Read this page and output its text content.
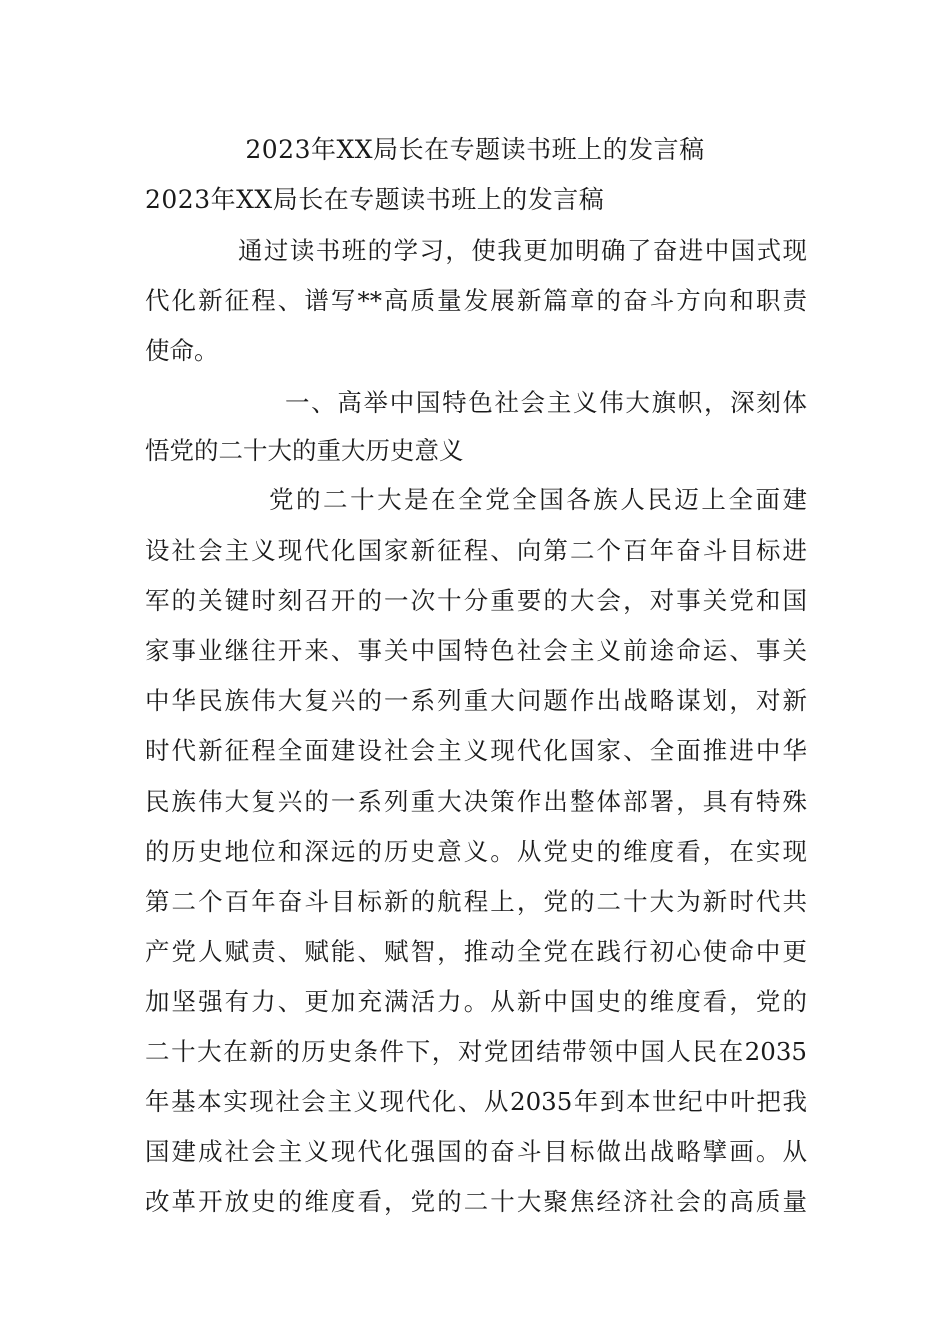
2023年XX局长在专题读书班上的发言稿
2023年XX局长在专题读书班上的发言稿
通过读书班的学习，使我更加明确了奋进中国式现
代化新征程、谱写**高质量发展新篇章的奋斗方向和职责
使命。
一、高举中国特色社会主义伟大旗帜，深刻体
悟党的二十大的重大历史意义
党的二十大是在全党全国各族人民迈上全面建
设社会主义现代化国家新征程、向第二个百年奋斗目标进
军的关键时刻召开的一次十分重要的大会，对事关党和国
家事业继往开来、事关中国特色社会主义前途命运、事关
中华民族伟大复兴的一系列重大问题作出战略谋划，对新
时代新征程全面建设社会主义现代化国家、全面推进中华
民族伟大复兴的一系列重大决策作出整体部署，具有特殊
的历史地位和深远的历史意义。从党史的维度看，在实现
第二个百年奋斗目标新的航程上，党的二十大为新时代共
产党人赋责、赋能、赋智，推动全党在践行初心使命中更
加坚强有力、更加充满活力。从新中国史的维度看，党的
二十大在新的历史条件下，对党团结带领中国人民在2035
年基本实现社会主义现代化、从2035年到本世纪中叶把我
国建成社会主义现代化强国的奋斗目标做出战略擘画。从
改革开放史的维度看，党的二十大聚焦经济社会的高质量
